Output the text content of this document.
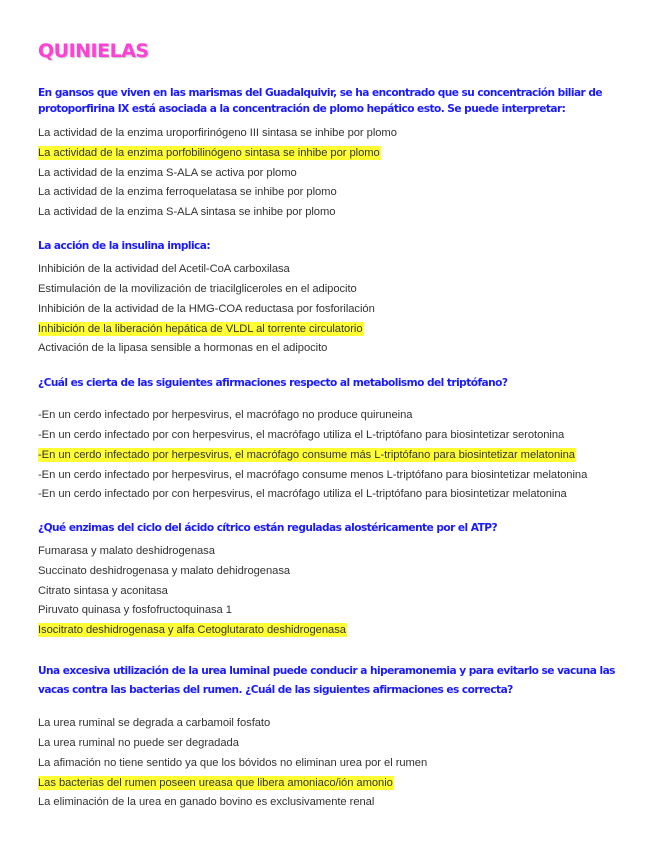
QUINIELAS
En gansos que viven en las marismas del Guadalquivir, se ha encontrado que su concentración biliar de
protoporfirina IX está asociada a la concentración de plomo hepático esto. Se puede interpretar:
La actividad de la enzima uroporfirinógeno III sintasa se inhibe por plomo
La actividad de la enzima porfobilinógeno sintasa se inhibe por plomo
La actividad de la enzima S-ALA se activa por plomo
La actividad de la enzima ferroquelatasa se inhibe por plomo
La actividad de la enzima S-ALA sintasa se inhibe por plomo
La acción de la insulina implica:
Inhibición de la actividad del Acetil-CoA carboxilasa
Estimulación de la movilización de triacilgliceroles en el adipocito
Inhibición de la actividad de la HMG-COA reductasa por fosforilación
Inhibición de la liberación hepática de VLDL al torrente circulatorio
Activación de la lipasa sensible a hormonas en el adipocito
¿Cuál es cierta de las siguientes afirmaciones respecto al metabolismo del triptófano?
-En un cerdo infectado por herpesvirus, el macrófago no produce quiruneina
-En un cerdo infectado por con herpesvirus, el macrófago utiliza el L-triptófano para biosintetizar serotonina
-En un cerdo infectado por herpesvirus, el macrófago consume más L-triptófano para biosintetizar melatonina
-En un cerdo infectado por herpesvirus, el macrófago consume menos L-triptófano para biosintetizar melatonina
-En un cerdo infectado por con herpesvirus, el macrófago utiliza el L-triptófano para biosintetizar melatonina
¿Qué enzimas del ciclo del ácido cítrico están reguladas alostéricamente por el ATP?
Fumarasa y malato deshidrogenasa
Succinato deshidrogenasa y malato dehidrogenasa
Citrato sintasa y aconitasa
Piruvato quinasa y fosfofructoquinasa 1
Isocitrato deshidrogenasa y alfa Cetoglutarato deshidrogenasa
Una excesiva utilización de la urea luminal puede conducir a hiperamonemia y para evitarlo se vacuna las
vacas contra las bacterias del rumen. ¿Cuál de las siguientes afirmaciones es correcta?
La urea ruminal se degrada a carbamoil fosfato
La urea ruminal no puede ser degradada
La afimación no tiene sentido ya que los bóvidos no eliminan urea por el rumen
Las bacterias del rumen poseen ureasa que libera amoniaco/ión amonio
La eliminación de la urea en ganado bovino es exclusivamente renal
